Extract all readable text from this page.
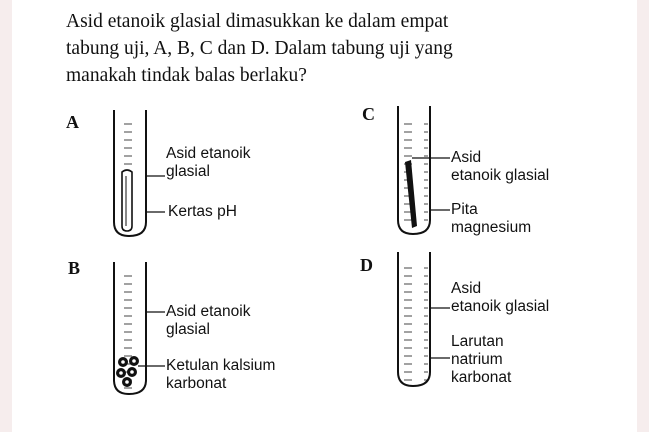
Asid etanoik glasial dimasukkan ke dalam empat
tabung uji, A, B, C dan D. Dalam tabung uji yang
manakah tindak balas berlaku?
A	C
B	D
Asid etanoik
glasial
Kertas pH
Asid
etanoik glasial
Pita
magnesium
Asid etanoik
glasial
Ketulan kalsium
karbonat
Asid
etanoik glasial
Larutan
natrium
karbonat
